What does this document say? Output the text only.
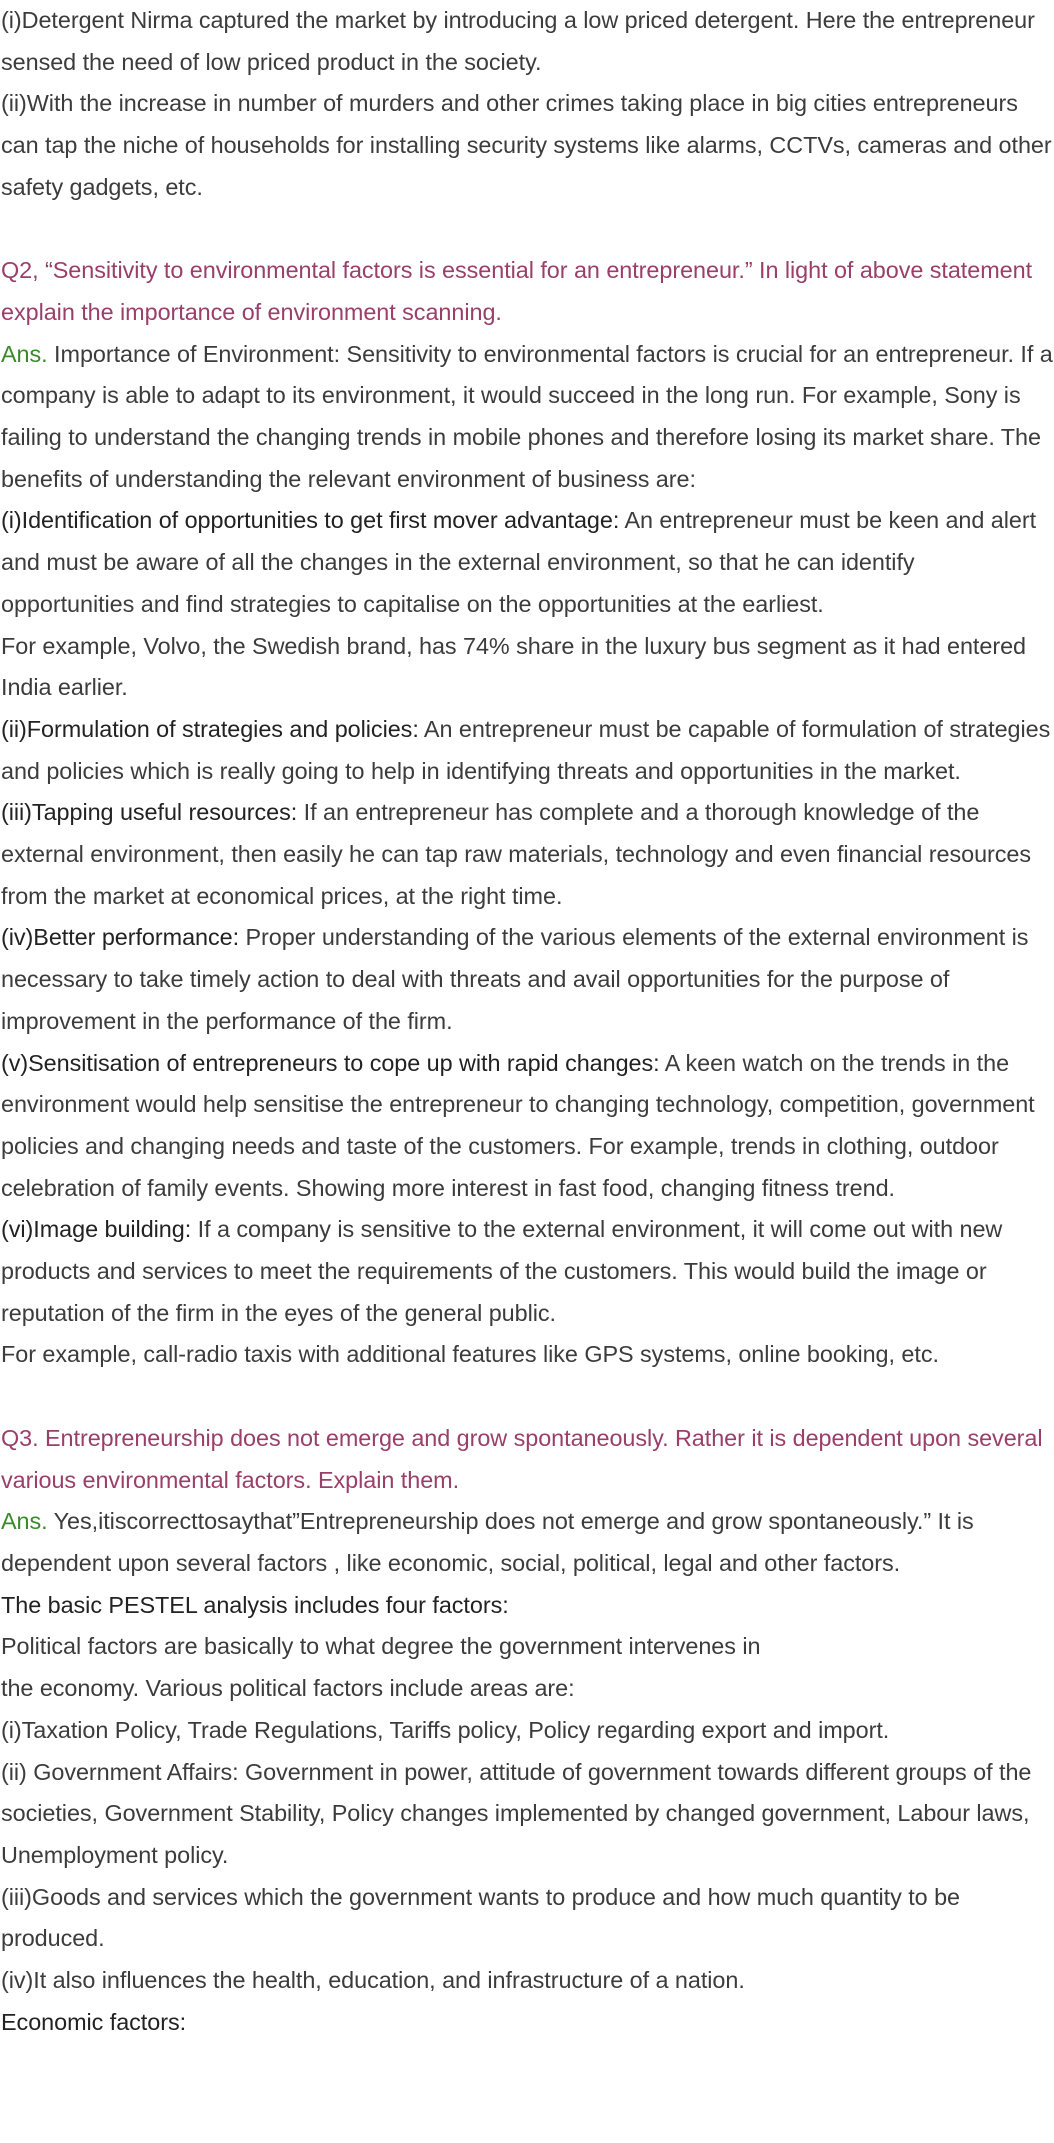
(i)Detergent Nirma captured the market by introducing a low priced detergent. Here the entrepreneur sensed the need of low priced product in the society.

(ii)With the increase in number of murders and other crimes taking place in big cities entrepreneurs can tap the niche of households for installing security systems like alarms, CCTVs, cameras and other safety gadgets, etc.

Q2, “Sensitivity to environmental factors is essential for an entrepreneur.” In light of above statement explain the importance of environment scanning.

Ans. Importance of Environment: Sensitivity to environmental factors is crucial for an entrepreneur. If a company is able to adapt to its environment, it would succeed in the long run. For example, Sony is failing to understand the changing trends in mobile phones and therefore losing its market share. The benefits of understanding the relevant environment of business are:

(i)Identification of opportunities to get first mover advantage: An entrepreneur must be keen and alert and must be aware of all the changes in the external environment, so that he can identify opportunities and find strategies to capitalise on the opportunities at the earliest.

For example, Volvo, the Swedish brand, has 74% share in the luxury bus segment as it had entered India earlier.

(ii)Formulation of strategies and policies: An entrepreneur must be capable of formulation of strategies and policies which is really going to help in identifying threats and opportunities in the market.

(iii)Tapping useful resources: If an entrepreneur has complete and a thorough knowledge of the external environment, then easily he can tap raw materials, technology and even financial resources from the market at economical prices, at the right time.

(iv)Better performance: Proper understanding of the various elements of the external environment is necessary to take timely action to deal with threats and avail opportunities for the purpose of improvement in the performance of the firm.

(v)Sensitisation of entrepreneurs to cope up with rapid changes: A keen watch on the trends in the environment would help sensitise the entrepreneur to changing technology, competition, government policies and changing needs and taste of the customers. For example, trends in clothing, outdoor celebration of family events. Showing more interest in fast food, changing fitness trend.

(vi)Image building: If a company is sensitive to the external environment, it will come out with new products and services to meet the requirements of the customers. This would build the image or reputation of the firm in the eyes of the general public.

For example, call-radio taxis with additional features like GPS systems, online booking, etc.

Q3. Entrepreneurship does not emerge and grow spontaneously. Rather it is dependent upon several various environmental factors. Explain them.

Ans. Yes,itiscorrecttosaythat”Entrepreneurship does not emerge and grow spontaneously.” It is dependent upon several factors , like economic, social, political, legal and other factors.

The basic PESTEL analysis includes four factors:

Political factors are basically to what degree the government intervenes in

the economy. Various political factors include areas are:

(i)Taxation Policy, Trade Regulations, Tariffs policy, Policy regarding export and import.

(ii) Government Affairs: Government in power, attitude of government towards different groups of the societies, Government Stability, Policy changes implemented by changed government, Labour laws, Unemployment policy.

(iii)Goods and services which the government wants to produce and how much quantity to be produced.

(iv)It also influences the health, education, and infrastructure of a nation.

Economic factors:
